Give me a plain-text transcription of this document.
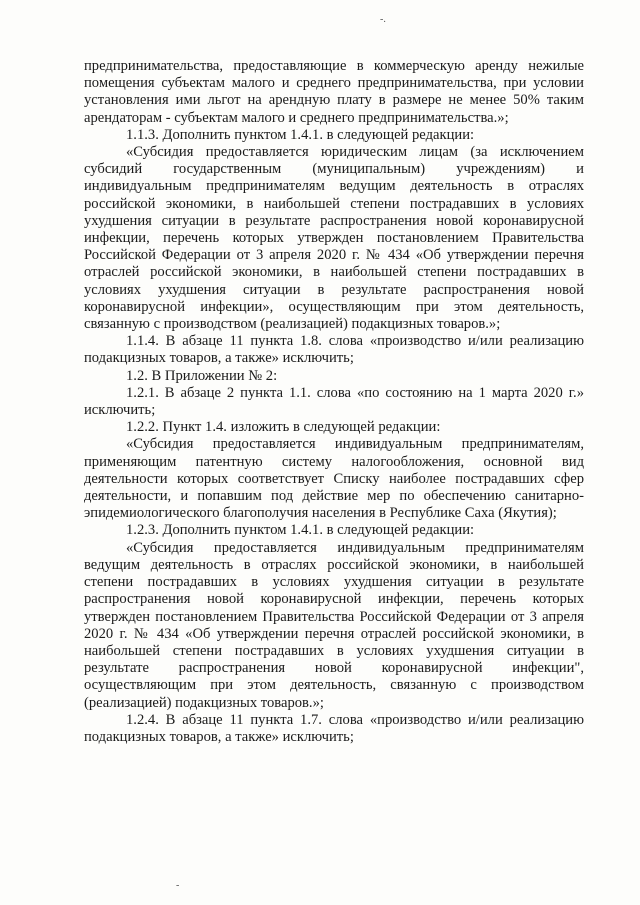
-.

предпринимательства, предоставляющие в коммерческую аренду нежилые помещения субъектам малого и среднего предпринимательства, при условии установления ими льгот на арендную плату в размере не менее 50% таким арендаторам - субъектам малого и среднего предпринимательства.»;

1.1.3. Дополнить пунктом 1.4.1. в следующей редакции:

«Субсидия предоставляется юридическим лицам (за исключением субсидий государственным (муниципальным) учреждениям) и индивидуальным предпринимателям ведущим деятельность в отраслях российской экономики, в наибольшей степени пострадавших в условиях ухудшения ситуации в результате распространения новой коронавирусной инфекции, перечень которых утвержден постановлением Правительства Российской Федерации от 3 апреля 2020 г. № 434 «Об утверждении перечня отраслей российской экономики, в наибольшей степени пострадавших в условиях ухудшения ситуации в результате распространения новой коронавирусной инфекции», осуществляющим при этом деятельность, связанную с производством (реализацией) подакцизных товаров.»;

1.1.4. В абзаце 11 пункта 1.8. слова «производство и/или реализацию подакцизных товаров, а также» исключить;

1.2. В Приложении № 2:

1.2.1. В абзаце 2 пункта 1.1. слова «по состоянию на 1 марта 2020 г.» исключить;

1.2.2. Пункт 1.4. изложить в следующей редакции:

«Субсидия предоставляется индивидуальным предпринимателям, применяющим патентную систему налогообложения, основной вид деятельности которых соответствует Списку наиболее пострадавших сфер деятельности, и попавшим под действие мер по обеспечению санитарно-эпидемиологического благополучия населения в Республике Саха (Якутия);

1.2.3. Дополнить пунктом 1.4.1. в следующей редакции:

«Субсидия предоставляется индивидуальным предпринимателям ведущим деятельность в отраслях российской экономики, в наибольшей степени пострадавших в условиях ухудшения ситуации в результате распространения новой коронавирусной инфекции, перечень которых утвержден постановлением Правительства Российской Федерации от 3 апреля 2020 г. № 434 «Об утверждении перечня отраслей российской экономики, в наибольшей степени пострадавших в условиях ухудшения ситуации в результате распространения новой коронавирусной инфекции", осуществляющим при этом деятельность, связанную с производством (реализацией) подакцизных товаров.»;

1.2.4. В абзаце 11 пункта 1.7. слова «производство и/или реализацию подакцизных товаров, а также» исключить;

-
